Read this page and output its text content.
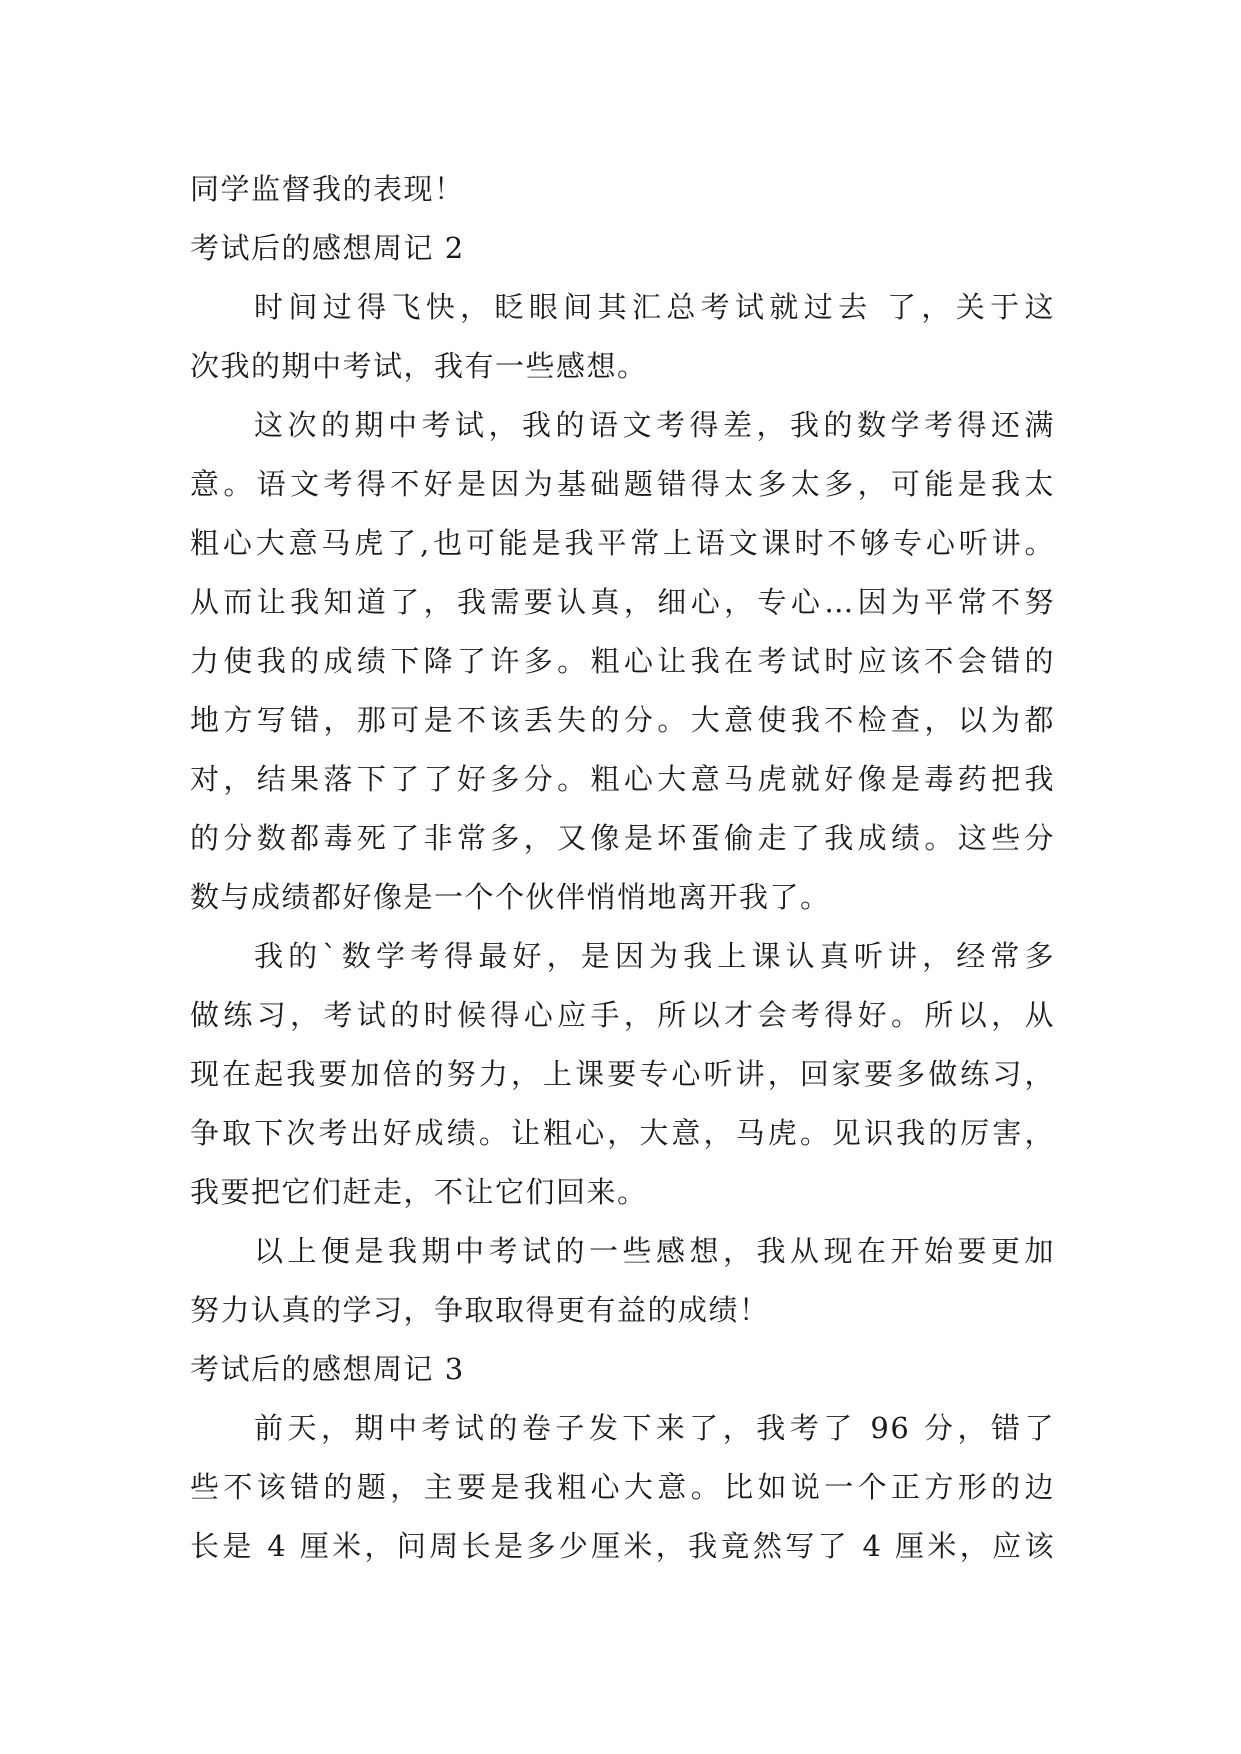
同学监督我的表现！
考试后的感想周记 2
时间过得飞快，眨眼间其汇总考试就过去 了，关于这
次我的期中考试，我有一些感想。
这次的期中考试，我的语文考得差，我的数学考得还满
意。语文考得不好是因为基础题错得太多太多，可能是我太
粗心大意马虎了,也可能是我平常上语文课时不够专心听讲。
从而让我知道了，我需要认真，细心，专心…因为平常不努
力使我的成绩下降了许多。粗心让我在考试时应该不会错的
地方写错，那可是不该丢失的分。大意使我不检查，以为都
对，结果落下了了好多分。粗心大意马虎就好像是毒药把我
的分数都毒死了非常多，又像是坏蛋偷走了我成绩。这些分
数与成绩都好像是一个个伙伴悄悄地离开我了。
我的`数学考得最好，是因为我上课认真听讲，经常多
做练习，考试的时候得心应手，所以才会考得好。所以，从
现在起我要加倍的努力，上课要专心听讲，回家要多做练习，
争取下次考出好成绩。让粗心，大意，马虎。见识我的厉害，
我要把它们赶走，不让它们回来。
以上便是我期中考试的一些感想，我从现在开始要更加
努力认真的学习，争取取得更有益的成绩！
考试后的感想周记 3
前天，期中考试的卷子发下来了，我考了 96 分，错了
些不该错的题，主要是我粗心大意。比如说一个正方形的边
长是 4 厘米，问周长是多少厘米，我竟然写了 4 厘米，应该
